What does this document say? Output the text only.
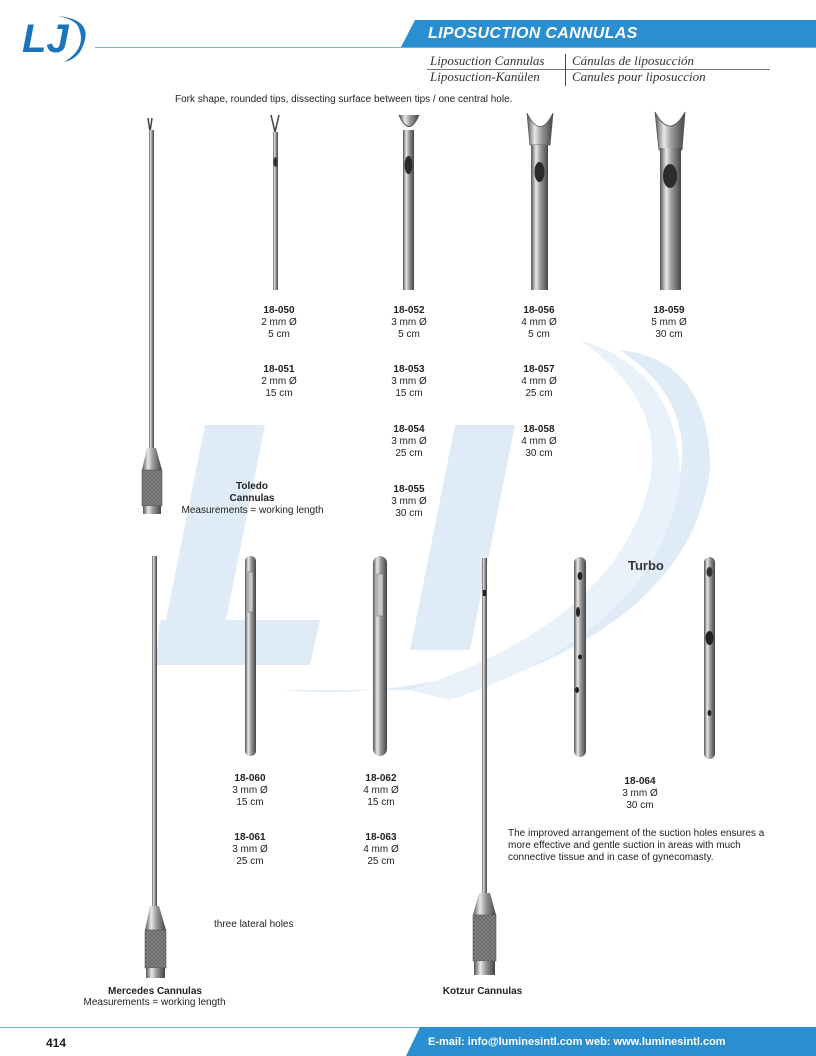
LJ	LIPOSUCTION CANNULAS
Liposuction Cannulas Cánulas de liposucción
Liposuction-Kanülen Canules pour liposuccion
Fork shape, rounded tips, dissecting surface between tips / one central hole.
18-050
2 mm Ø
5 cm
18-051
2 mm Ø
15 cm
18-052
3 mm Ø
5 cm
18-053
3 mm Ø
15 cm
18-054
3 mm Ø
25 cm
18-055
3 mm Ø
30 cm
18-056
4 mm Ø
5 cm
18-057
4 mm Ø
25 cm
18-058
4 mm Ø
30 cm
18-059
5 mm Ø
30 cm
Toledo
Cannulas
Measurements = working length
18-060
3 mm Ø
15 cm
18-061
3 mm Ø
25 cm
18-062
4 mm Ø
15 cm
18-063
4 mm Ø
25 cm
18-064
3 mm Ø
30 cm
Turbo
The improved arrangement of the suction holes ensures a more effective and gentle suction in areas with much connective tissue and in case of gynecomasty.
three lateral holes
Mercedes Cannulas
Measurements = working length
Kotzur Cannulas
414	E-mail: info@luminesintl.com web: www.luminesintl.com
